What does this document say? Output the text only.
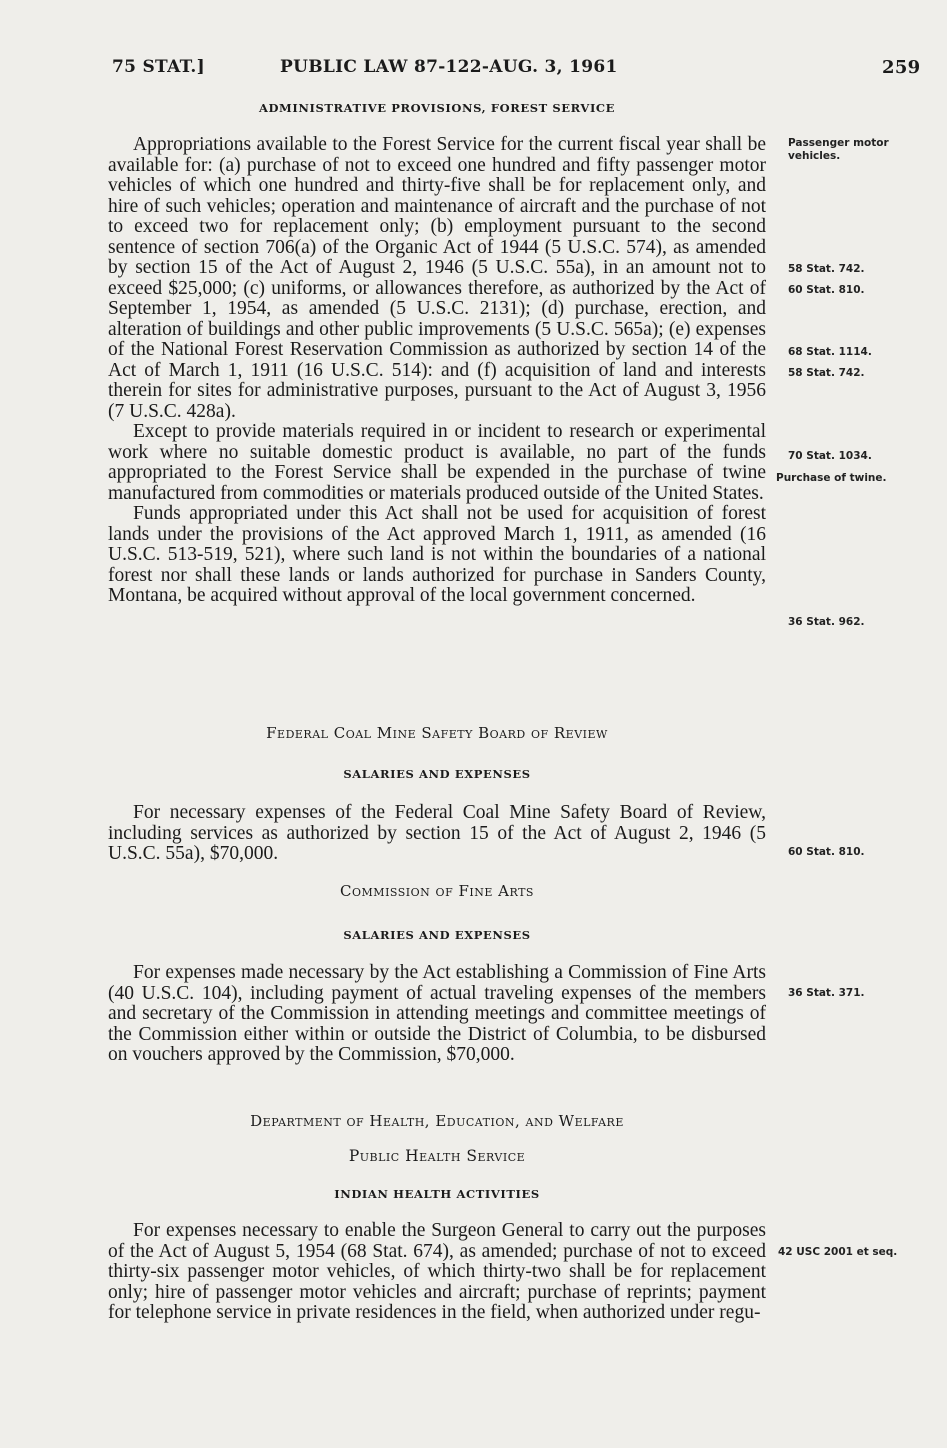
75 STAT.]	PUBLIC LAW 87-122-AUG. 3, 1961	259
ADMINISTRATIVE PROVISIONS, FOREST SERVICE

Appropriations available to the Forest Service for the current fiscal year shall be available for: (a) purchase of not to exceed one hundred and fifty passenger motor vehicles of which one hundred and thirty-five shall be for replacement only, and hire of such vehicles; operation and maintenance of aircraft and the purchase of not to exceed two for replacement only; (b) employment pursuant to the second sentence of section 706(a) of the Organic Act of 1944 (5 U.S.C. 574), as amended by section 15 of the Act of August 2, 1946 (5 U.S.C. 55a), in an amount not to exceed $25,000; (c) uniforms, or allowances therefore, as authorized by the Act of September 1, 1954, as amended (5 U.S.C. 2131); (d) purchase, erection, and alteration of buildings and other public improvements (5 U.S.C. 565a); (e) expenses of the National Forest Reservation Commission as authorized by section 14 of the Act of March 1, 1911 (16 U.S.C. 514): and (f) acquisition of land and interests therein for sites for administrative purposes, pursuant to the Act of August 3, 1956 (7 U.S.C. 428a).

Except to provide materials required in or incident to research or experimental work where no suitable domestic product is available, no part of the funds appropriated to the Forest Service shall be expended in the purchase of twine manufactured from commodities or materials produced outside of the United States.

Funds appropriated under this Act shall not be used for acquisition of forest lands under the provisions of the Act approved March 1, 1911, as amended (16 U.S.C. 513-519, 521), where such land is not within the boundaries of a national forest nor shall these lands or lands authorized for purchase in Sanders County, Montana, be acquired without approval of the local government concerned.

Federal Coal Mine Safety Board of Review
SALARIES AND EXPENSES

For necessary expenses of the Federal Coal Mine Safety Board of Review, including services as authorized by section 15 of the Act of August 2, 1946 (5 U.S.C. 55a), $70,000.

Commission of Fine Arts
SALARIES AND EXPENSES

For expenses made necessary by the Act establishing a Commission of Fine Arts (40 U.S.C. 104), including payment of actual traveling expenses of the members and secretary of the Commission in attending meetings and committee meetings of the Commission either within or outside the District of Columbia, to be disbursed on vouchers approved by the Commission, $70,000.

Department of Health, Education, and Welfare
Public Health Service
INDIAN HEALTH ACTIVITIES

For expenses necessary to enable the Surgeon General to carry out the purposes of the Act of August 5, 1954 (68 Stat. 674), as amended; purchase of not to exceed thirty-six passenger motor vehicles, of which thirty-two shall be for replacement only; hire of passenger motor vehicles and aircraft; purchase of reprints; payment for telephone service in private residences in the field, when authorized under regu-

Passenger motor vehicles.
58 Stat. 742.
60 Stat. 810.
68 Stat. 1114.
58 Stat. 742.
70 Stat. 1034.
Purchase of twine.
36 Stat. 962.
60 Stat. 810.
36 Stat. 371.
42 USC 2001 et seq.
